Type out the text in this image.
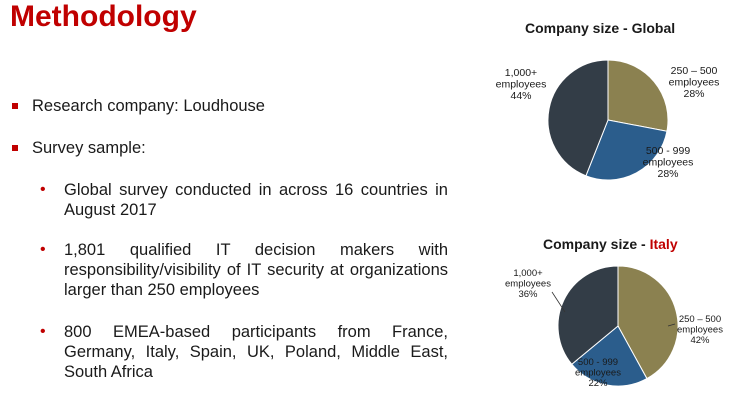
Methodology
Research company: Loudhouse
Survey sample:
• Global survey conducted in across 16 countries in August 2017
• 1,801 qualified IT decision makers with responsibility/visibility of IT security at organizations larger than 250 employees
• 800 EMEA-based participants from France, Germany, Italy, Spain, UK, Poland, Middle East, South Africa
Company size - Global
250 – 500 employees 28%
500 - 999 employees 28%
1,000+ employees 44%
Company size - Italy
250 – 500 employees 42%
500 - 999 employees 22%
1,000+ employees 36%
